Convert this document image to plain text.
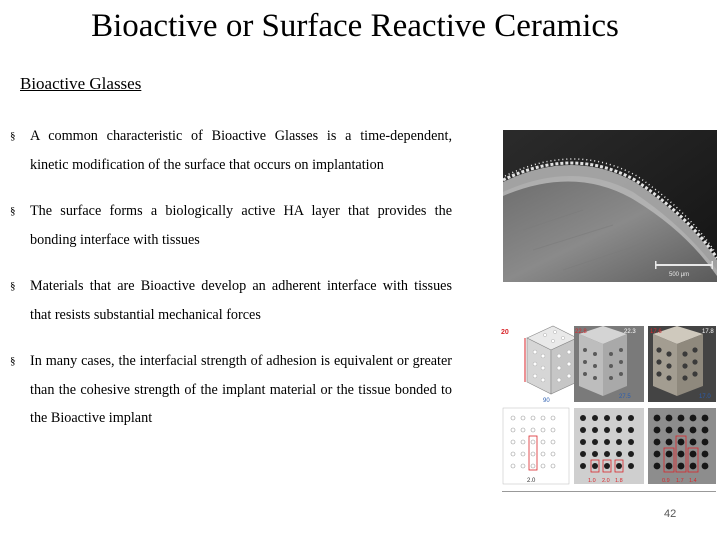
Bioactive or Surface Reactive Ceramics
Bioactive Glasses
§ A common characteristic of Bioactive Glasses is a time-dependent, kinetic modification of the surface that occurs on implantation
§ The surface forms a biologically active HA layer that provides the bonding interface with tissues
§ Materials that are Bioactive develop an adherent interface with tissues that resists substantial mechanical forces
§ In many cases, the interfacial strength of adhesion is equivalent or greater than the cohesive strength of the implant material or the tissue bonded to the Bioactive implant
500 μm
20
90
22.8	22.3
27.5
17.6	17.8
17.0
2.0	1.0 2.0 1.8	0.9 1.7 1.4
42
